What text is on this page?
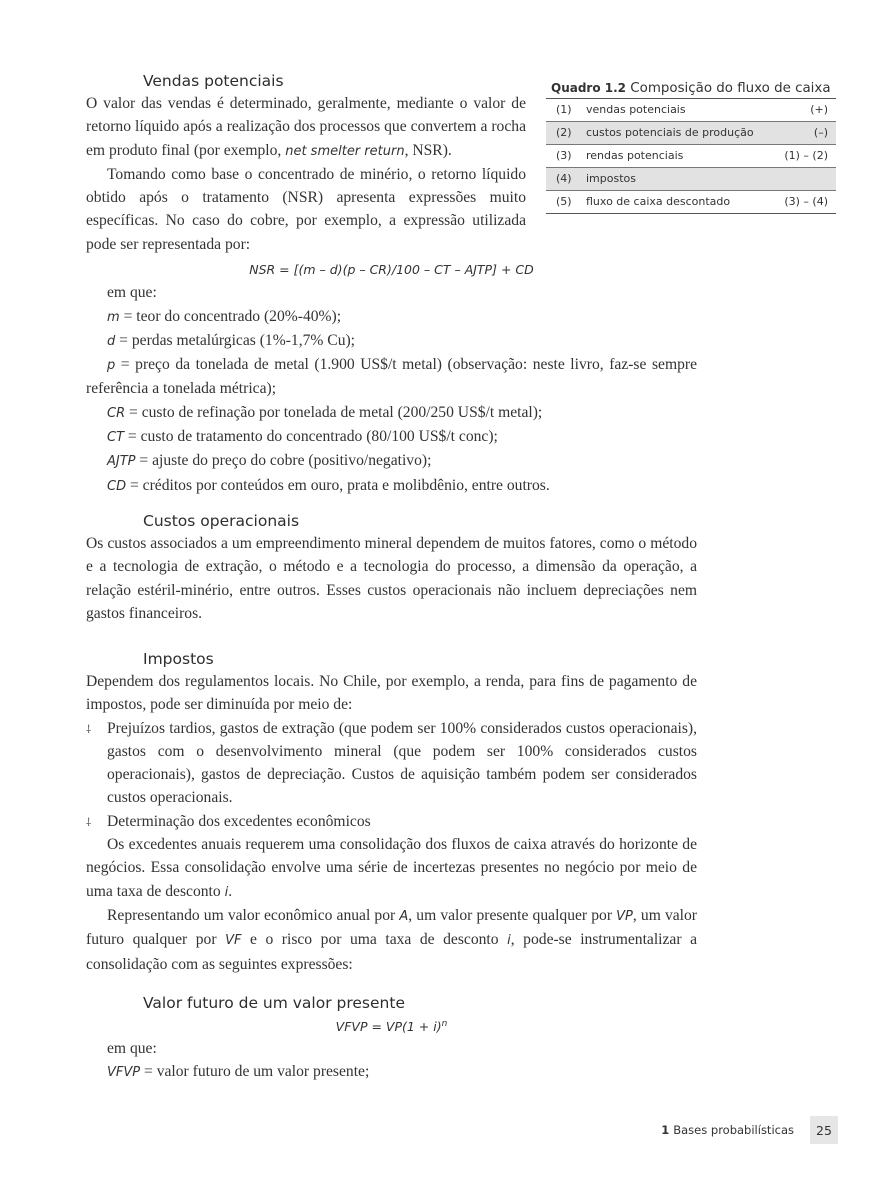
Vendas potenciais

O valor das vendas é determinado, geralmente, mediante o valor de retorno líquido após a realização dos processos que convertem a rocha em produto final (por exemplo, net smelter return, NSR).

Tomando como base o concentrado de minério, o retorno líquido obtido após o tratamento (NSR) apresenta expressões muito específicas. No caso do cobre, por exemplo, a expressão utilizada pode ser representada por:

NSR = [(m – d)(p – CR)/100 – CT – AJTP] + CD

em que:

m = teor do concentrado (20%-40%);

d = perdas metalúrgicas (1%-1,7% Cu);

p = preço da tonelada de metal (1.900 US$/t metal) (observação: neste livro, faz-se sempre referência a tonelada métrica);

CR = custo de refinação por tonelada de metal (200/250 US$/t metal);

CT = custo de tratamento do concentrado (80/100 US$/t conc);

AJTP = ajuste do preço do cobre (positivo/negativo);

CD = créditos por conteúdos em ouro, prata e molibdênio, entre outros.

Quadro 1.2 Composição do fluxo de caixa
(1)	vendas potenciais	(+)
(2)	custos potenciais de produção	(–)
(3)	rendas potenciais	(1) – (2)
(4)	impostos
(5)	fluxo de caixa descontado	(3) – (4)
Custos operacionais

Os custos associados a um empreendimento mineral dependem de muitos fatores, como o método e a tecnologia de extração, o método e a tecnologia do processo, a dimensão da operação, a relação estéril-minério, entre outros. Esses custos operacionais não incluem depreciações nem gastos financeiros.

Impostos

Dependem dos regulamentos locais. No Chile, por exemplo, a renda, para fins de pagamento de impostos, pode ser diminuída por meio de:

⸸	Prejuízos tardios, gastos de extração (que podem ser 100% considerados custos operacionais), gastos com o desenvolvimento mineral (que podem ser 100% considerados custos operacionais), gastos de depreciação. Custos de aquisição também podem ser considerados custos operacionais.
⸸	Determinação dos excedentes econômicos

Os excedentes anuais requerem uma consolidação dos fluxos de caixa através do horizonte de negócios. Essa consolidação envolve uma série de incertezas presentes no negócio por meio de uma taxa de desconto i.

Representando um valor econômico anual por A, um valor presente qualquer por VP, um valor futuro qualquer por VF e o risco por uma taxa de desconto i, pode-se instrumentalizar a consolidação com as seguintes expressões:

Valor futuro de um valor presente
VFVP = $VP(1 + i)^n$

em que:

VFVP = valor futuro de um valor presente;

1 Bases probabilísticas	25
